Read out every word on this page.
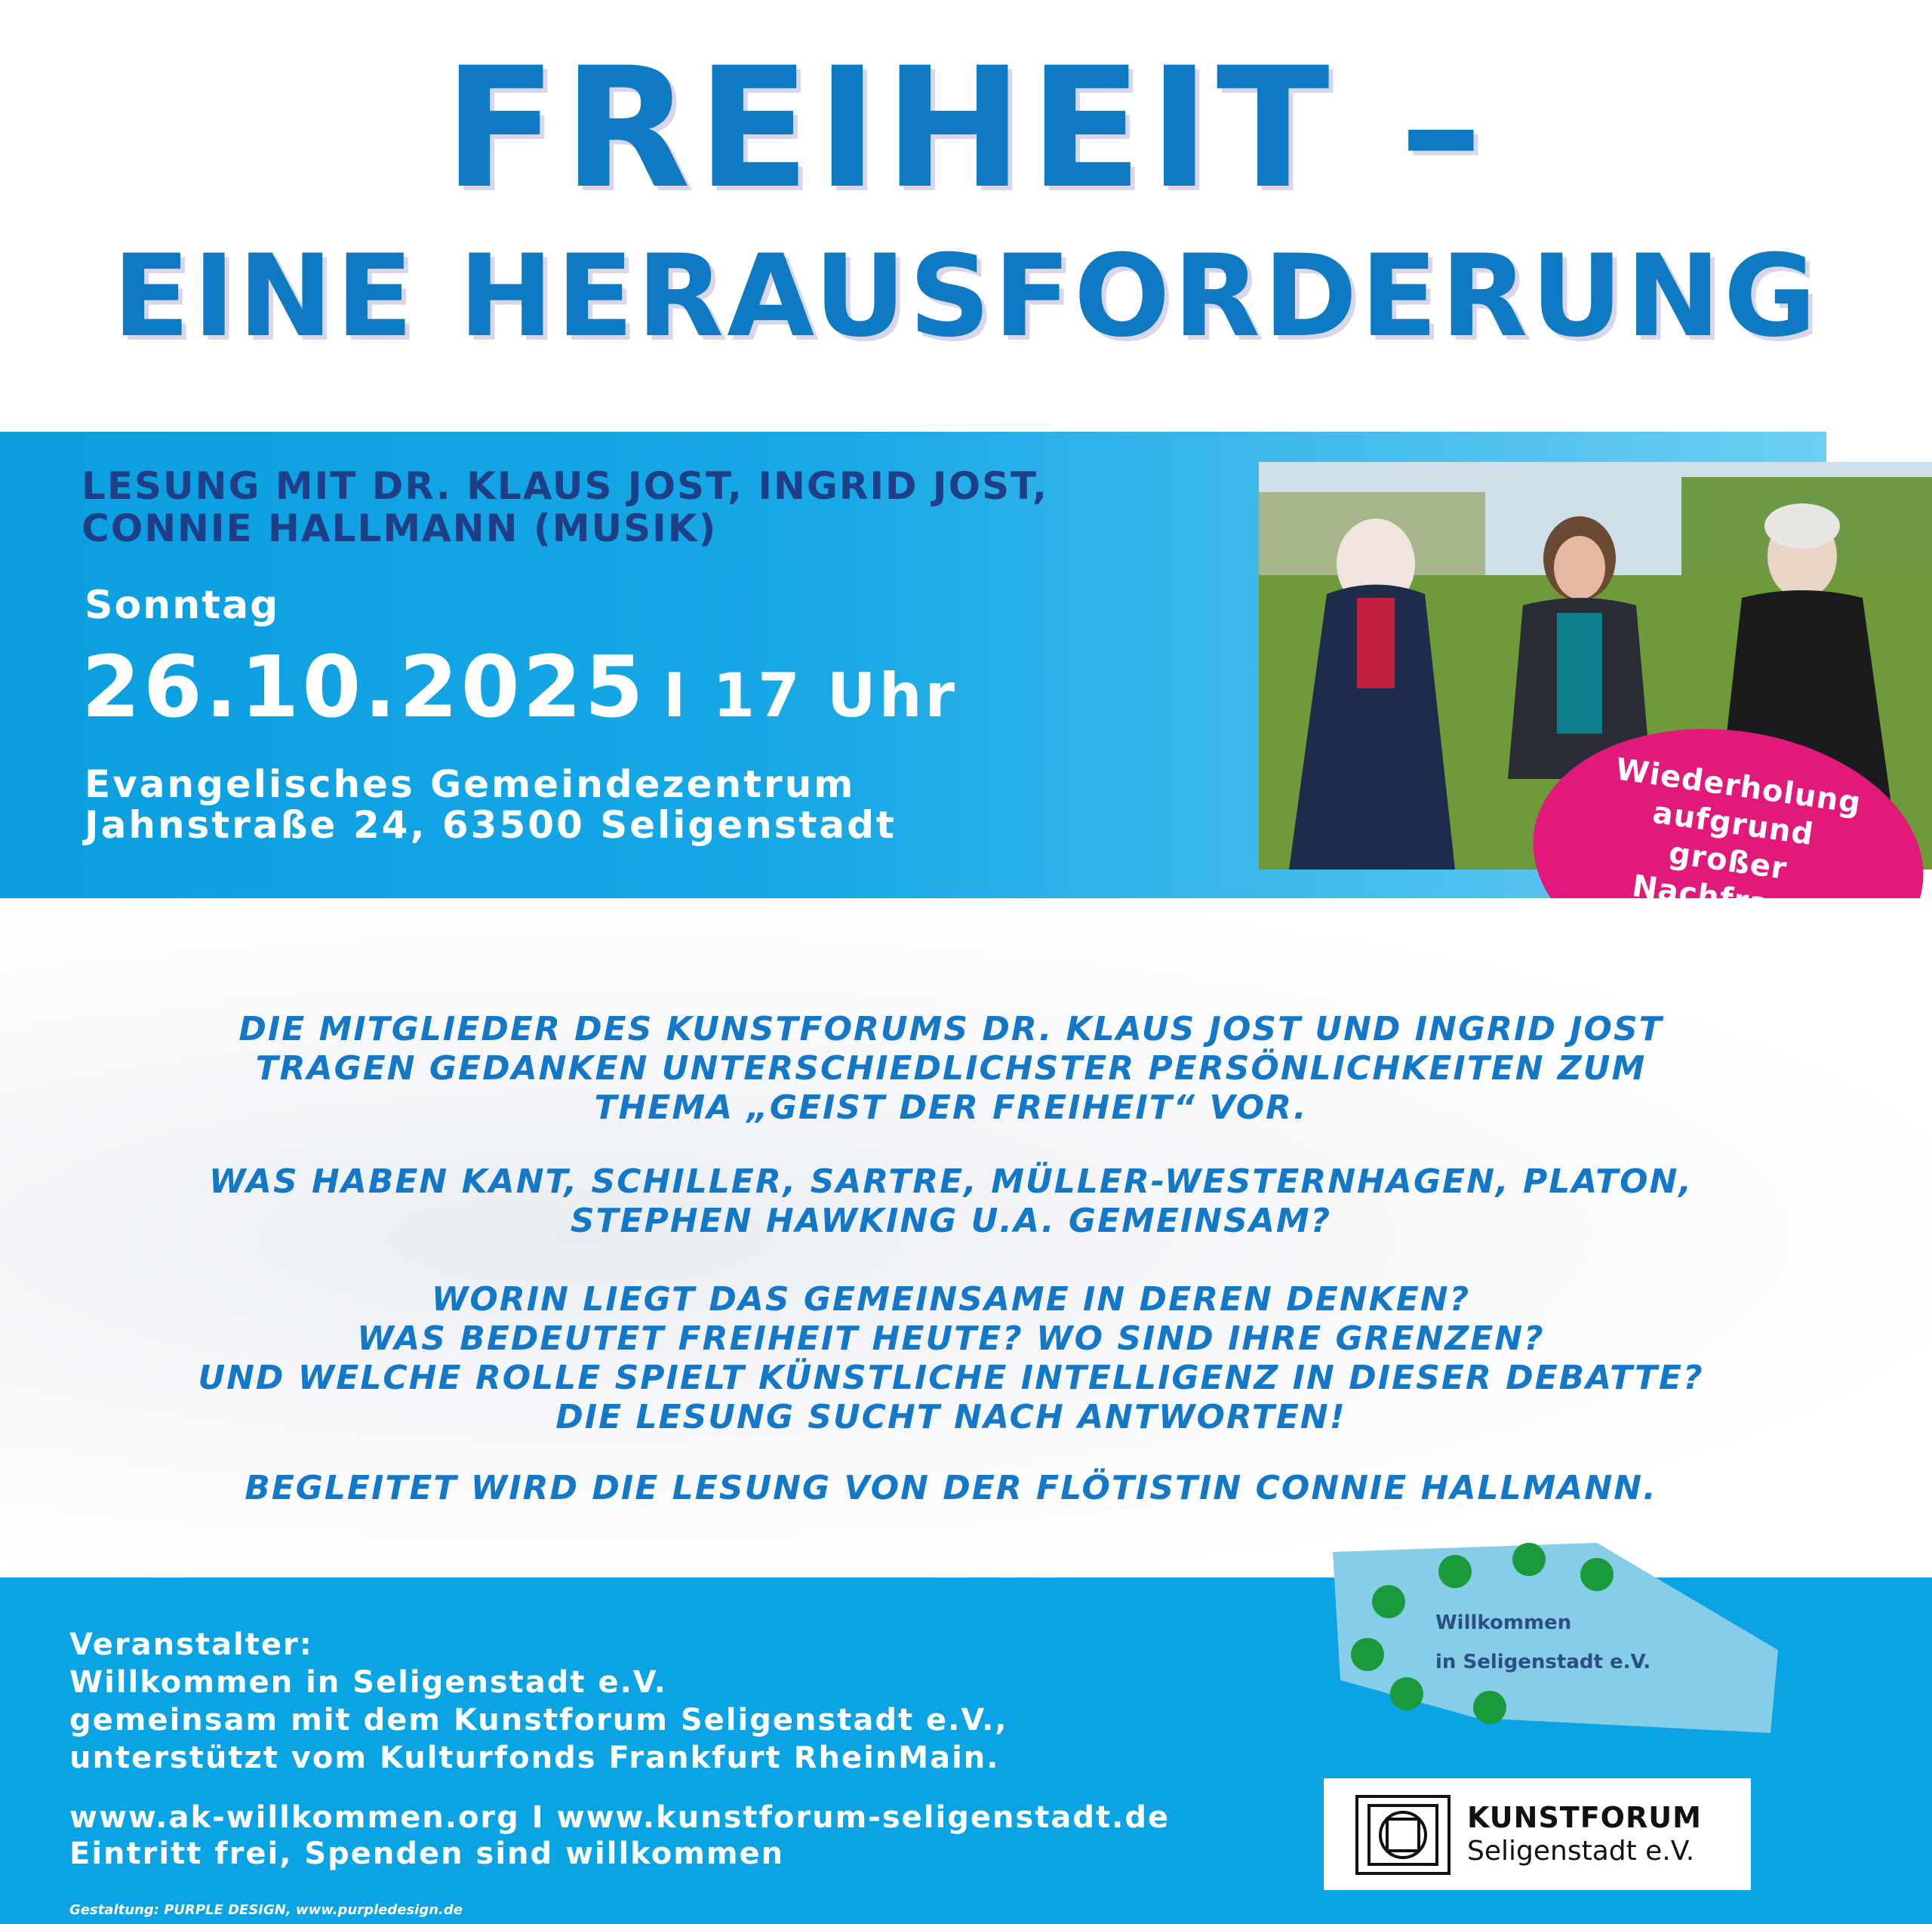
FREIHEIT –
EINE HERAUSFORDERUNG
LESUNG MIT DR. KLAUS JOST, INGRID JOST,
CONNIE HALLMANN (MUSIK)
Sonntag
26.10.2025 I 17 Uhr
Evangelisches Gemeindezentrum
Jahnstraße 24, 63500 Seligenstadt
Wiederholung
aufgrund
großer

DIE MITGLIEDER DES KUNSTFORUMS DR. KLAUS JOST UND INGRID JOST
TRAGEN GEDANKEN UNTERSCHIEDLICHSTER PERSÖNLICHKEITEN ZUM
THEMA „GEIST DER FREIHEIT“ VOR.
WAS HABEN KANT, SCHILLER, SARTRE, MÜLLER-WESTERNHAGEN, PLATON,
STEPHEN HAWKING U.A. GEMEINSAM?
WORIN LIEGT DAS GEMEINSAME IN DEREN DENKEN?
WAS BEDEUTET FREIHEIT HEUTE? WO SIND IHRE GRENZEN?
UND WELCHE ROLLE SPIELT KÜNSTLICHE INTELLIGENZ IN DIESER DEBATTE?
DIE LESUNG SUCHT NACH ANTWORTEN!
BEGLEITET WIRD DIE LESUNG VON DER FLÖTISTIN CONNIE HALLMANN.
Veranstalter:
Willkommen in Seligenstadt e.V.
gemeinsam mit dem Kunstforum Seligenstadt e.V.,
unterstützt vom Kulturfonds Frankfurt RheinMain.
www.ak-willkommen.org I www.kunstforum-seligenstadt.de
Eintritt frei, Spenden sind willkommen
Gestaltung: PURPLE DESIGN, www.purpledesign.de
Willkommen
in Seligenstadt e.V.
KUNSTFORUM
Seligenstadt e.V.
